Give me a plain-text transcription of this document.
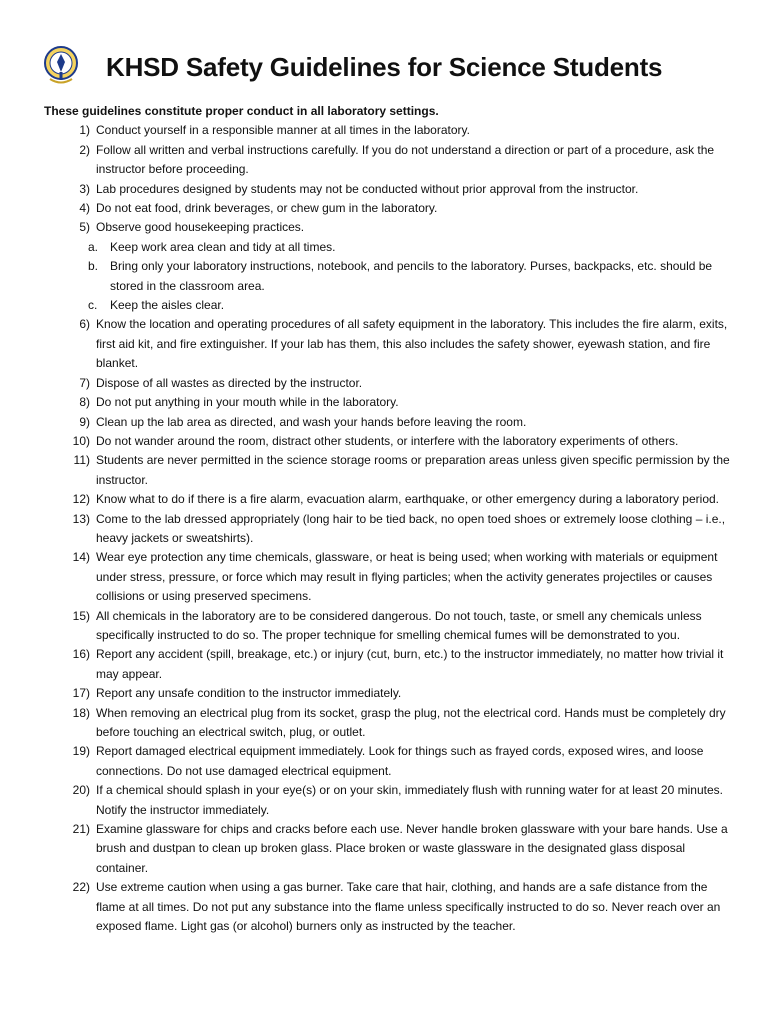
KHSD Safety Guidelines for Science Students

These guidelines constitute proper conduct in all laboratory settings.

1) Conduct yourself in a responsible manner at all times in the laboratory.
2) Follow all written and verbal instructions carefully. If you do not understand a direction or part of a procedure, ask the instructor before proceeding.
3) Lab procedures designed by students may not be conducted without prior approval from the instructor.
4) Do not eat food, drink beverages, or chew gum in the laboratory.
5) Observe good housekeeping practices.
a. Keep work area clean and tidy at all times.
b. Bring only your laboratory instructions, notebook, and pencils to the laboratory. Purses, backpacks, etc. should be stored in the classroom area.
c.	Keep the aisles clear.
6) Know the location and operating procedures of all safety equipment in the laboratory. This includes the fire alarm, exits, first aid kit, and fire extinguisher. If your lab has them, this also includes the safety shower, eyewash station, and fire blanket.
7) Dispose of all wastes as directed by the instructor.
8) Do not put anything in your mouth while in the laboratory.
9) Clean up the lab area as directed, and wash your hands before leaving the room.
10) Do not wander around the room, distract other students, or interfere with the laboratory experiments of others.
11) Students are never permitted in the science storage rooms or preparation areas unless given specific permission by the instructor.
12) Know what to do if there is a fire alarm, evacuation alarm, earthquake, or other emergency during a laboratory period.
13) Come to the lab dressed appropriately (long hair to be tied back, no open toed shoes or extremely loose clothing – i.e., heavy jackets or sweatshirts).
14) Wear eye protection any time chemicals, glassware, or heat is being used; when working with materials or equipment under stress, pressure, or force which may result in flying particles; when the activity generates projectiles or causes collisions or using preserved specimens.
15) All chemicals in the laboratory are to be considered dangerous. Do not touch, taste, or smell any chemicals unless specifically instructed to do so. The proper technique for smelling chemical fumes will be demonstrated to you.
16) Report any accident (spill, breakage, etc.) or injury (cut, burn, etc.) to the instructor immediately, no matter how trivial it may appear.
17) Report any unsafe condition to the instructor immediately.
18) When removing an electrical plug from its socket, grasp the plug, not the electrical cord. Hands must be completely dry before touching an electrical switch, plug, or outlet.
19) Report damaged electrical equipment immediately. Look for things such as frayed cords, exposed wires, and loose connections. Do not use damaged electrical equipment.
20) If a chemical should splash in your eye(s) or on your skin, immediately flush with running water for at least 20 minutes. Notify the instructor immediately.
21) Examine glassware for chips and cracks before each use. Never handle broken glassware with your bare hands. Use a brush and dustpan to clean up broken glass. Place broken or waste glassware in the designated glass disposal container.
22) Use extreme caution when using a gas burner. Take care that hair, clothing, and hands are a safe distance from the flame at all times. Do not put any substance into the flame unless specifically instructed to do so. Never reach over an exposed flame. Light gas (or alcohol) burners only as instructed by the teacher.
